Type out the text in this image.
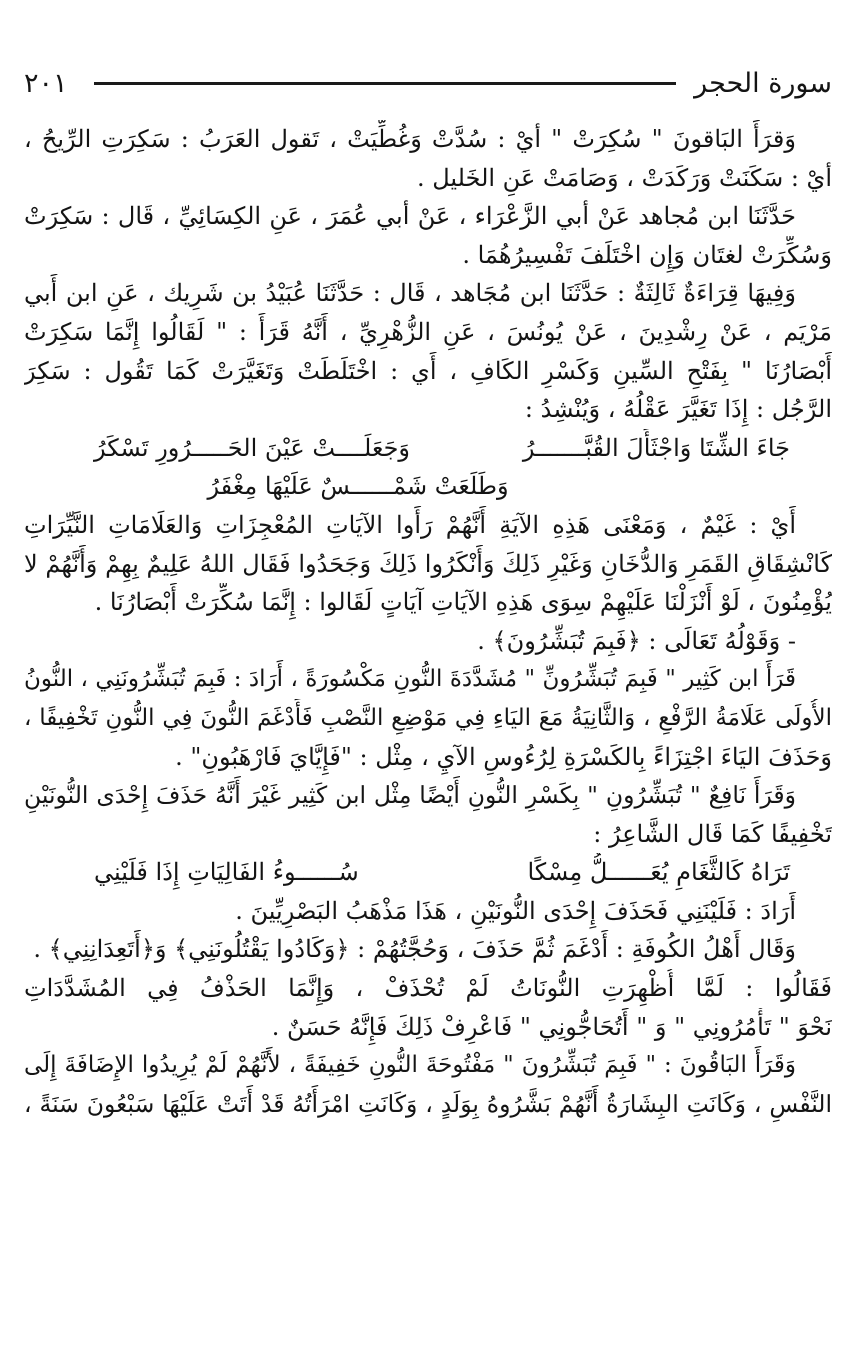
سورة الحجر
٢٠١
وَقرَأَ البَاقونَ " سُكِرَتْ " أيْ : سُدَّتْ وَغُطِّيَتْ ، تَقول العَرَبُ : سَكِرَتِ الرِّيحُ ،
أيْ : سَكَنَتْ وَرَكَدَتْ ، وَصَامَتْ عَنِ الخَليل .
حَدَّثَنَا ابن مُجاهد عَنْ أبي الزَّعْرَاء ، عَنْ أبي عُمَرَ ، عَنِ الكِسَائِيِّ ، قَال : سَكِرَتْ
وَسُكِّرَتْ لغتَان وَإِن اخْتَلَفَ تَفْسِيرُهُمَا .
وَفِيهَا قِرَاءَةٌ ثَالِثَةٌ : حَدَّثَنَا ابن مُجَاهد ، قَال : حَدَّثَنَا عُبَيْدُ بن شَرِيك ، عَنِ ابن أَبي
مَرْيَم ، عَنْ رِشْدِينَ ، عَنْ يُونُسَ ، عَنِ الزُّهْرِيِّ ، أَنَّهُ قَرَأَ : " لَقَالُوا إِنَّمَا سَكِرَتْ
أَبْصَارُنَا " بِفَتْحِ السِّينِ وَكَسْرِ الكَافِ ، أَي : اخْتَلَطَتْ وَتَغَيَّرَتْ كَمَا تَقُول : سَكِرَ
الرَّجُل : إِذَا تَغَيَّرَ عَقْلُهُ ، وَيُنْشِدُ :
جَاءَ الشِّتَا وَاجْثَأَلَ القُبَّـــــــرُ
وَجَعَلَــــتْ عَيْنَ الحَـــــرُورِ تَسْكَرُ
وَطَلَعَتْ شَمْــــــسٌ عَلَيْهَا مِغْفَرُ
أَيْ : غَيْمٌ ، وَمَعْنَى هَذِهِ الآيَةِ أَنَّهُمْ رَأَوا الآيَاتِ المُعْجِزَاتِ وَالعَلَامَاتِ النَّيِّرَاتِ
كَانْشِقَاقِ القَمَرِ وَالدُّخَانِ وَغَيْرِ ذَلِكَ وَأَنْكَرُوا ذَلِكَ وَجَحَدُوا فَقَال اللهُ عَلِيمٌ بِهِمْ وَأَنَّهُمْ لا
يُؤْمِنُونَ ، لَوْ أَنْزَلْنَا عَلَيْهِمْ سِوَى هَذِهِ الآيَاتِ آيَاتٍ لَقَالوا : إِنَّمَا سُكِّرَتْ أَبْصَارُنَا .
- وَقَوْلُهُ تَعَالَى : ﴿فَبِمَ تُبَشِّرُونَ﴾ .
قَرَأَ ابن كَثِير " فَبِمَ تُبَشِّرُونِّ " مُشَدَّدَةَ النُّونِ مَكْسُورَةً ، أَرَادَ : فَبِمَ تُبَشِّرُونَنِي ، النُّونُ
الأُولَى عَلَامَةُ الرَّفْعِ ، وَالثَّانِيَةُ مَعَ اليَاءِ فِي مَوْضِعِ النَّصْبِ فَأَدْغَمَ النُّونَ فِي النُّونِ تَخْفِيفًا ،
وَحَذَفَ اليَاءَ اجْتِزَاءً بِالكَسْرَةِ لِرُءُوسِ الآيِ ، مِثْل : "فَإِيَّايَ فَارْهَبُونِ" .
وَقَرَأَ نَافِعٌ " تُبَشِّرُونِ " بِكَسْرِ النُّونِ أَيْضًا مِثْل ابن كَثِير غَيْرَ أَنَّهُ حَذَفَ إِحْدَى النُّونَيْنِ
تَخْفِيفًا كَمَا قَال الشَّاعِرُ :
تَرَاهُ كَالثَّغَامِ يُعَــــــلُّ مِسْكًا
سُــــــوءُ الفَالِيَاتِ إِذَا فَلَيْنِي
أَرَادَ : فَلَيْنَنِي فَحَذَفَ إِحْدَى النُّونَيْنِ ، هَذَا مَذْهَبُ البَصْرِيِّينَ .
وَقَال أَهْلُ الكُوفَةِ : أَدْغَمَ ثُمَّ حَذَفَ ، وَحُجَّتُهُمْ : ﴿وَكَادُوا يَقْتُلُونَنِي﴾ وَ﴿أَتَعِدَانِنِي﴾ .
فَقَالُوا : لَمَّا أُظْهِرَتِ النُّونَاتُ لَمْ تُحْذَفْ ، وَإِنَّمَا الحَذْفُ فِي المُشَدَّدَاتِ
نَحْوَ " تَأْمُرُونِي " وَ " أَتُحَاجُّونِي " فَاعْرِفْ ذَلِكَ فَإِنَّهُ حَسَنٌ .
وَقَرَأَ البَاقُونَ : " فَبِمَ تُبَشِّرُونَ " مَفْتُوحَةَ النُّونِ خَفِيفَةً ، لأَنَّهُمْ لَمْ يُرِيدُوا الإِضَافَةَ إِلَى
النَّفْسِ ، وَكَانَتِ البِشَارَةُ أَنَّهُمْ بَشَّرُوهُ بِوَلَدٍ ، وَكَانَتِ امْرَأَتُهُ قَدْ أَتَتْ عَلَيْهَا سَبْعُونَ سَنَةً ،
